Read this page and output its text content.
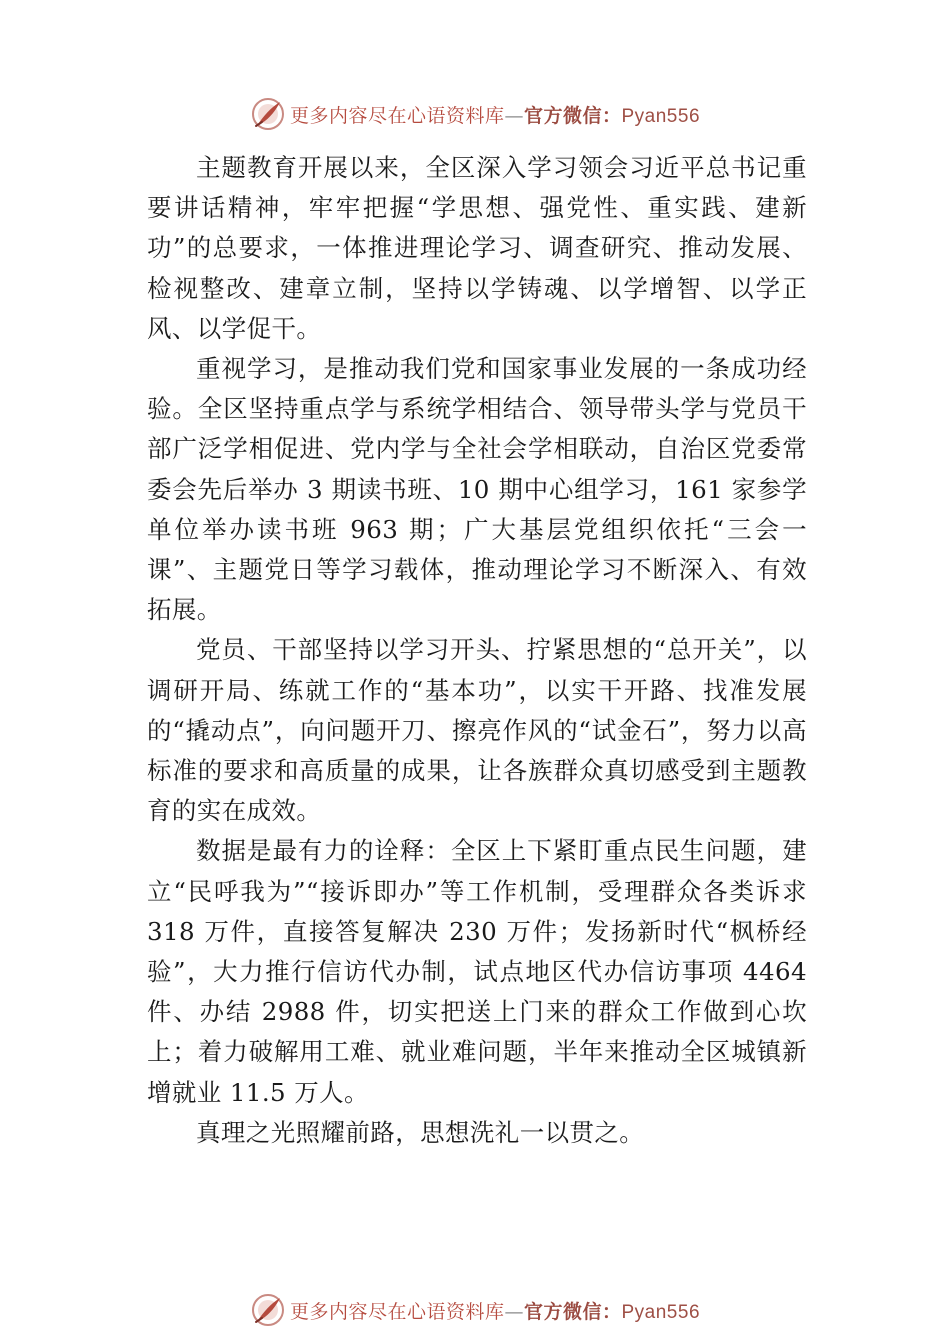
更多内容尽在心语资料库—官方微信：Pyan556

主题教育开展以来，全区深入学习领会习近平总书记重要讲话精神，牢牢把握“学思想、强党性、重实践、建新功”的总要求，一体推进理论学习、调查研究、推动发展、检视整改、建章立制，坚持以学铸魂、以学增智、以学正风、以学促干。

重视学习，是推动我们党和国家事业发展的一条成功经验。全区坚持重点学与系统学相结合、领导带头学与党员干部广泛学相促进、党内学与全社会学相联动，自治区党委常委会先后举办 3 期读书班、10 期中心组学习，161 家参学单位举办读书班 963 期；广大基层党组织依托“三会一课”、主题党日等学习载体，推动理论学习不断深入、有效拓展。

党员、干部坚持以学习开头、拧紧思想的“总开关”，以调研开局、练就工作的“基本功”，以实干开路、找准发展的“撬动点”，向问题开刀、擦亮作风的“试金石”，努力以高标准的要求和高质量的成果，让各族群众真切感受到主题教育的实在成效。

数据是最有力的诠释：全区上下紧盯重点民生问题，建立“民呼我为”“接诉即办”等工作机制，受理群众各类诉求 318 万件，直接答复解决 230 万件；发扬新时代“枫桥经验”，大力推行信访代办制，试点地区代办信访事项 4464 件、办结 2988 件，切实把送上门来的群众工作做到心坎上；着力破解用工难、就业难问题，半年来推动全区城镇新增就业 11.5 万人。

真理之光照耀前路，思想洗礼一以贯之。

更多内容尽在心语资料库—官方微信：Pyan556
